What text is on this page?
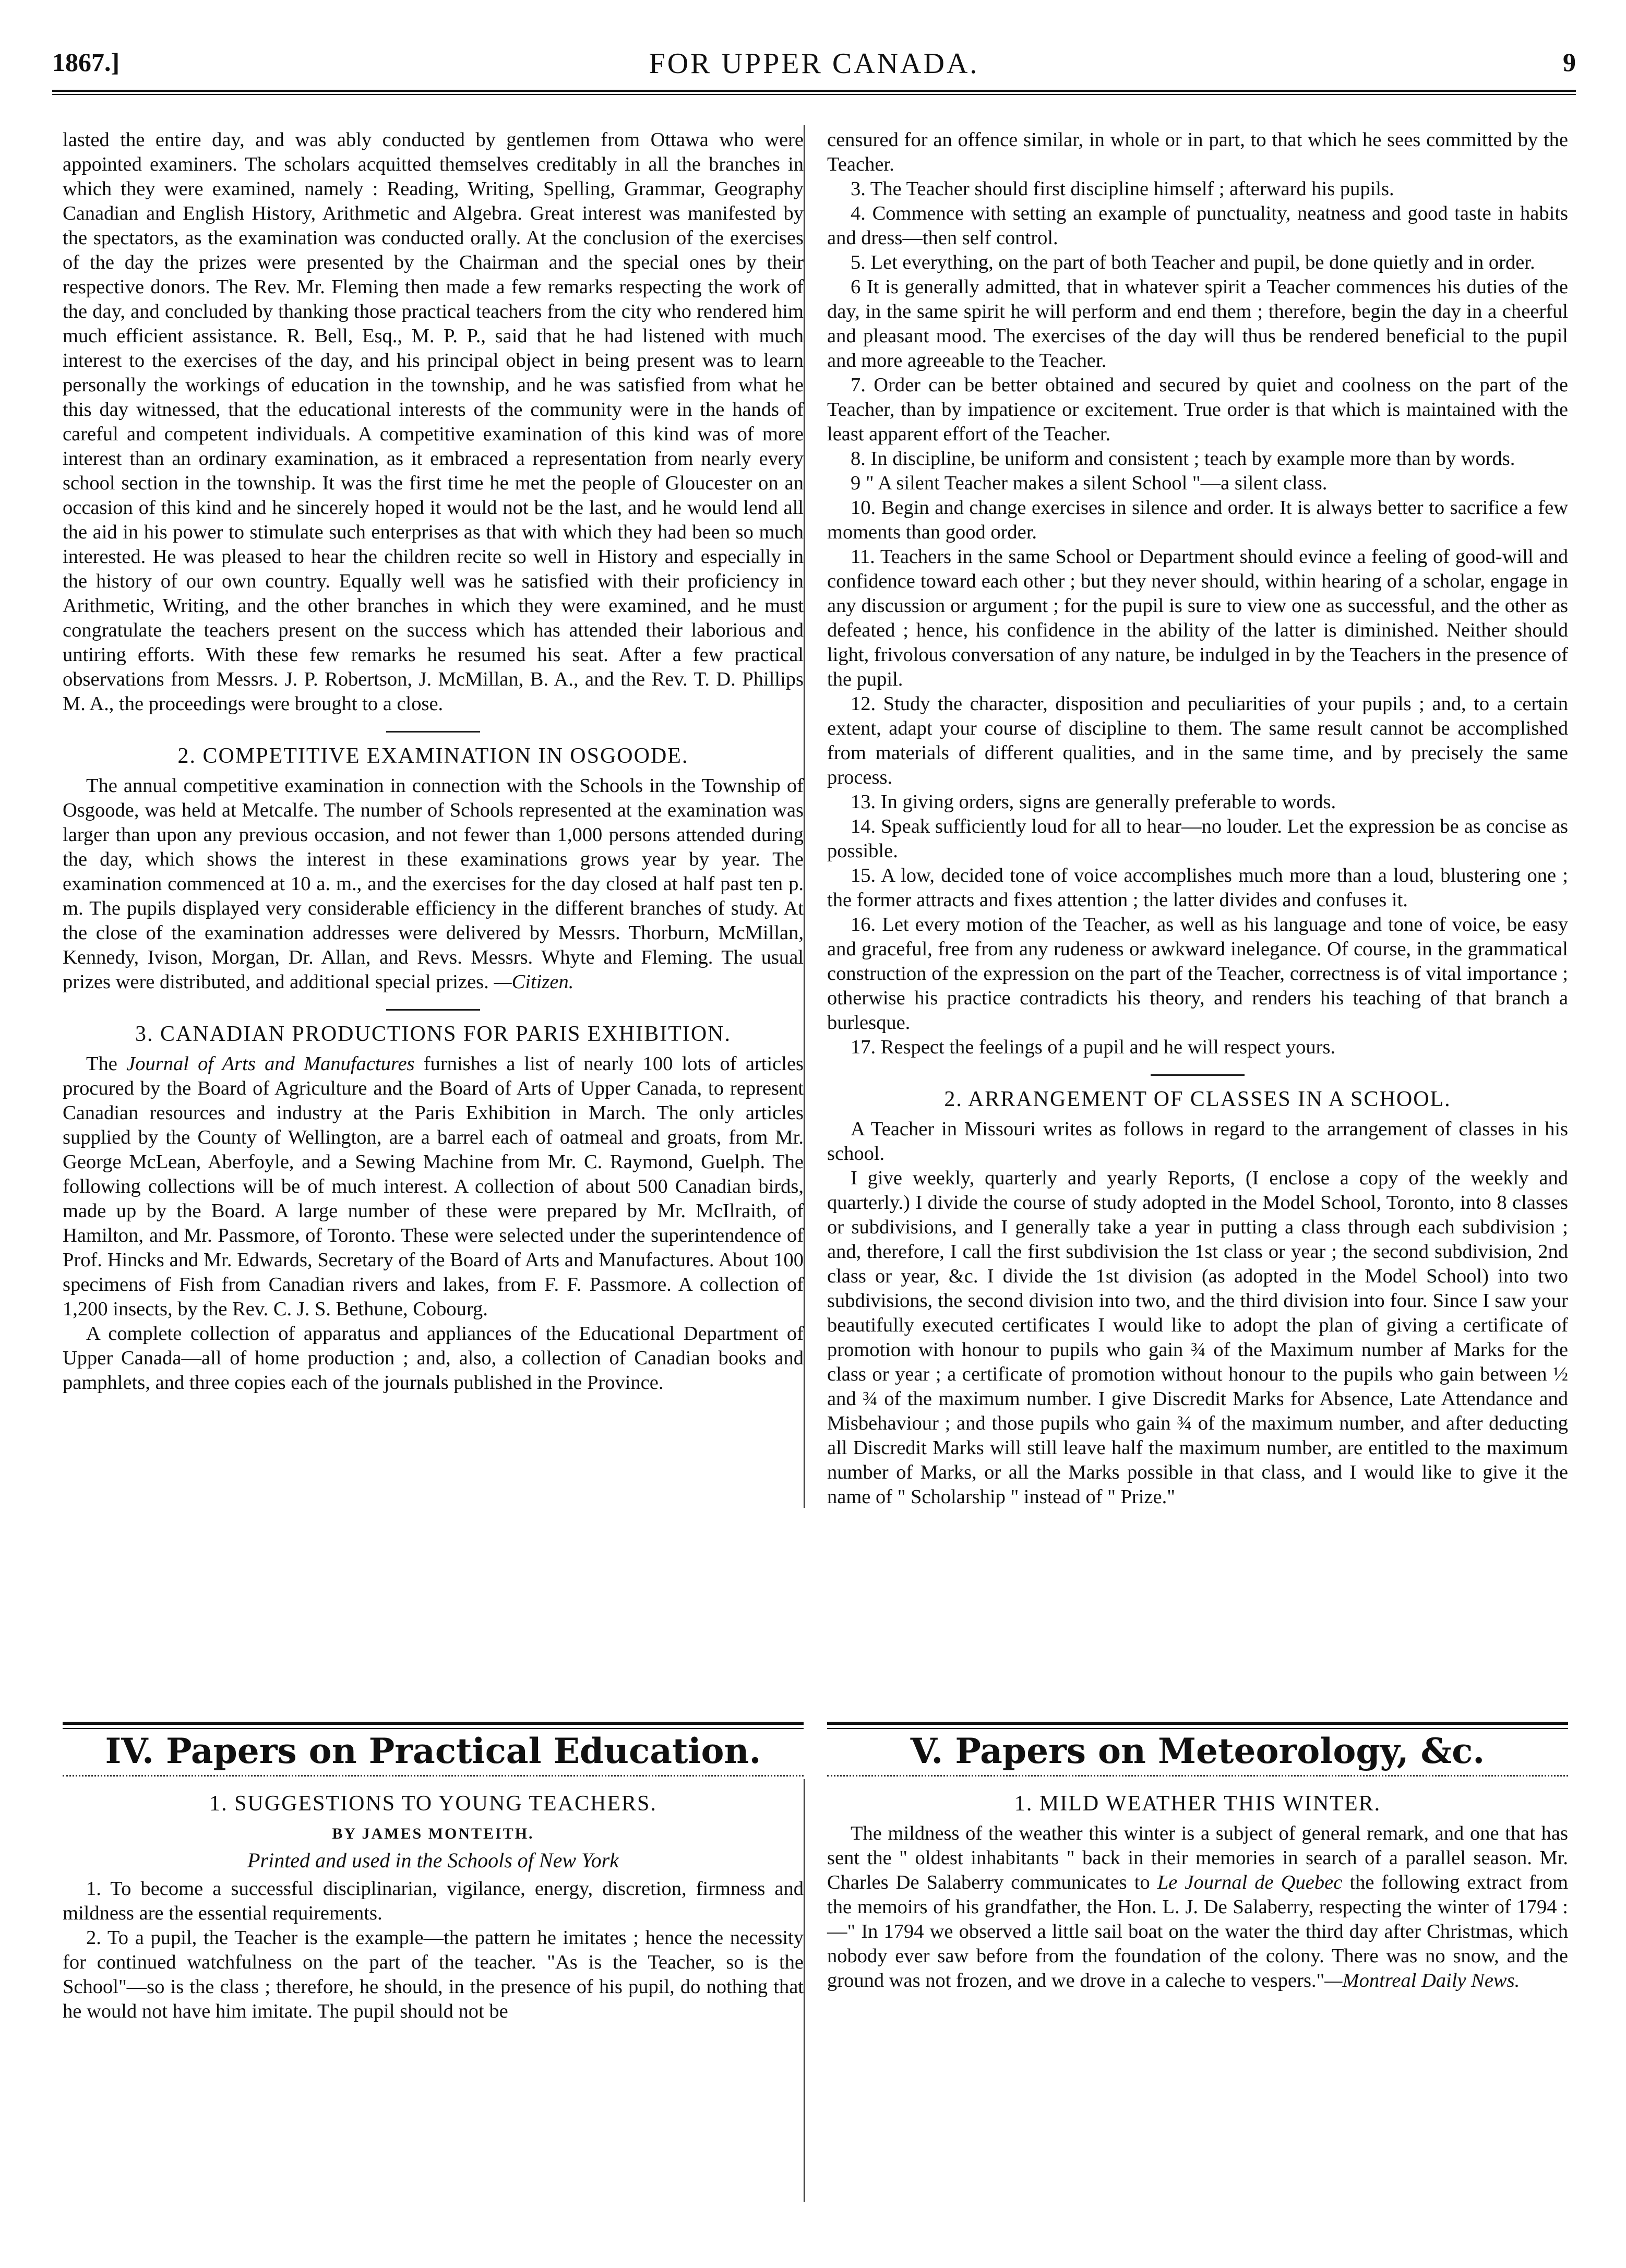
1867.]	FOR UPPER CANADA.	9

lasted the entire day, and was ably conducted by gentlemen from Ottawa who were appointed examiners. The scholars acquitted themselves creditably in all the branches in which they were examined, namely : Reading, Writing, Spelling, Grammar, Geography Canadian and English History, Arithmetic and Algebra. Great interest was manifested by the spectators, as the examination was conducted orally. At the conclusion of the exercises of the day the prizes were presented by the Chairman and the special ones by their respective donors. The Rev. Mr. Fleming then made a few remarks respecting the work of the day, and concluded by thanking those practical teachers from the city who rendered him much efficient assistance. R. Bell, Esq., M. P. P., said that he had listened with much interest to the exercises of the day, and his principal object in being present was to learn personally the workings of education in the township, and he was satisfied from what he this day witnessed, that the educational interests of the community were in the hands of careful and competent individuals. A competitive examination of this kind was of more interest than an ordinary examination, as it embraced a representation from nearly every school section in the township. It was the first time he met the people of Gloucester on an occasion of this kind and he sincerely hoped it would not be the last, and he would lend all the aid in his power to stimulate such enterprises as that with which they had been so much interested. He was pleased to hear the children recite so well in History and especially in the history of our own country. Equally well was he satisfied with their proficiency in Arithmetic, Writing, and the other branches in which they were examined, and he must congratulate the teachers present on the success which has attended their laborious and untiring efforts. With these few remarks he resumed his seat. After a few practical observations from Messrs. J. P. Robertson, J. McMillan, B. A., and the Rev. T. D. Phillips M. A., the proceedings were brought to a close.

2. COMPETITIVE EXAMINATION IN OSGOODE.

The annual competitive examination in connection with the Schools in the Township of Osgoode, was held at Metcalfe. The number of Schools represented at the examination was larger than upon any previous occasion, and not fewer than 1,000 persons attended during the day, which shows the interest in these examinations grows year by year. The examination commenced at 10 a. m., and the exercises for the day closed at half past ten p. m. The pupils displayed very considerable efficiency in the different branches of study. At the close of the examination addresses were delivered by Messrs. Thorburn, McMillan, Kennedy, Ivison, Morgan, Dr. Allan, and Revs. Messrs. Whyte and Fleming. The usual prizes were distributed, and additional special prizes. —Citizen.

3. CANADIAN PRODUCTIONS FOR PARIS EXHIBITION.

The Journal of Arts and Manufactures furnishes a list of nearly 100 lots of articles procured by the Board of Agriculture and the Board of Arts of Upper Canada, to represent Canadian resources and industry at the Paris Exhibition in March. The only articles supplied by the County of Wellington, are a barrel each of oatmeal and groats, from Mr. George McLean, Aberfoyle, and a Sewing Machine from Mr. C. Raymond, Guelph. The following collections will be of much interest. A collection of about 500 Canadian birds, made up by the Board. A large number of these were prepared by Mr. McIlraith, of Hamilton, and Mr. Passmore, of Toronto. These were selected under the superintendence of Prof. Hincks and Mr. Edwards, Secretary of the Board of Arts and Manufactures. About 100 specimens of Fish from Canadian rivers and lakes, from F. F. Passmore. A collection of 1,200 insects, by the Rev. C. J. S. Bethune, Cobourg.

A complete collection of apparatus and appliances of the Educational Department of Upper Canada—all of home production ; and, also, a collection of Canadian books and pamphlets, and three copies each of the journals published in the Province.

censured for an offence similar, in whole or in part, to that which he sees committed by the Teacher.

3. The Teacher should first discipline himself ; afterward his pupils.

4. Commence with setting an example of punctuality, neatness and good taste in habits and dress—then self control.

5. Let everything, on the part of both Teacher and pupil, be done quietly and in order.

6 It is generally admitted, that in whatever spirit a Teacher commences his duties of the day, in the same spirit he will perform and end them ; therefore, begin the day in a cheerful and pleasant mood. The exercises of the day will thus be rendered beneficial to the pupil and more agreeable to the Teacher.

7. Order can be better obtained and secured by quiet and coolness on the part of the Teacher, than by impatience or excitement. True order is that which is maintained with the least apparent effort of the Teacher.

8. In discipline, be uniform and consistent ; teach by example more than by words.

9 " A silent Teacher makes a silent School "—a silent class.

10. Begin and change exercises in silence and order. It is always better to sacrifice a few moments than good order.

11. Teachers in the same School or Department should evince a feeling of good-will and confidence toward each other ; but they never should, within hearing of a scholar, engage in any discussion or argument ; for the pupil is sure to view one as successful, and the other as defeated ; hence, his confidence in the ability of the latter is diminished. Neither should light, frivolous conversation of any nature, be indulged in by the Teachers in the presence of the pupil.

12. Study the character, disposition and peculiarities of your pupils ; and, to a certain extent, adapt your course of discipline to them. The same result cannot be accomplished from materials of different qualities, and in the same time, and by precisely the same process.

13. In giving orders, signs are generally preferable to words.

14. Speak sufficiently loud for all to hear—no louder. Let the expression be as concise as possible.

15. A low, decided tone of voice accomplishes much more than a loud, blustering one ; the former attracts and fixes attention ; the latter divides and confuses it.

16. Let every motion of the Teacher, as well as his language and tone of voice, be easy and graceful, free from any rudeness or awkward inelegance. Of course, in the grammatical construction of the expression on the part of the Teacher, correctness is of vital importance ; otherwise his practice contradicts his theory, and renders his teaching of that branch a burlesque.

17. Respect the feelings of a pupil and he will respect yours.

2. ARRANGEMENT OF CLASSES IN A SCHOOL.

A Teacher in Missouri writes as follows in regard to the arrangement of classes in his school.

I give weekly, quarterly and yearly Reports, (I enclose a copy of the weekly and quarterly.) I divide the course of study adopted in the Model School, Toronto, into 8 classes or subdivisions, and I generally take a year in putting a class through each subdivision ; and, therefore, I call the first subdivision the 1st class or year ; the second subdivision, 2nd class or year, &c. I divide the 1st division (as adopted in the Model School) into two subdivisions, the second division into two, and the third division into four. Since I saw your beautifully executed certificates I would like to adopt the plan of giving a certificate of promotion with honour to pupils who gain ¾ of the Maximum number af Marks for the class or year ; a certificate of promotion without honour to the pupils who gain between ½ and ¾ of the maximum number. I give Discredit Marks for Absence, Late Attendance and Misbehaviour ; and those pupils who gain ¾ of the maximum number, and after deducting all Discredit Marks will still leave half the maximum number, are entitled to the maximum number of Marks, or all the Marks possible in that class, and I would like to give it the name of " Scholarship " instead of " Prize."

IV. Papers on Practical Education.	V. Papers on Meteorology, &c.
1. SUGGESTIONS TO YOUNG TEACHERS.
BY JAMES MONTEITH.
Printed and used in the Schools of New York

1. To become a successful disciplinarian, vigilance, energy, discretion, firmness and mildness are the essential requirements.

2. To a pupil, the Teacher is the example—the pattern he imitates ; hence the necessity for continued watchfulness on the part of the teacher. "As is the Teacher, so is the School"—so is the class ; therefore, he should, in the presence of his pupil, do nothing that he would not have him imitate. The pupil should not be

1. MILD WEATHER THIS WINTER.

The mildness of the weather this winter is a subject of general remark, and one that has sent the " oldest inhabitants " back in their memories in search of a parallel season. Mr. Charles De Salaberry communicates to Le Journal de Quebec the following extract from the memoirs of his grandfather, the Hon. L. J. De Salaberry, respecting the winter of 1794 :—" In 1794 we observed a little sail boat on the water the third day after Christmas, which nobody ever saw before from the foundation of the colony. There was no snow, and the ground was not frozen, and we drove in a caleche to vespers."—Montreal Daily News.
